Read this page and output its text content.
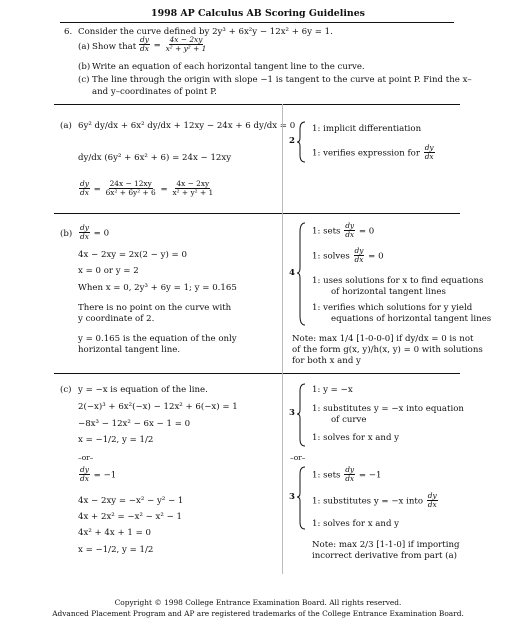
1998 AP Calculus AB Scoring Guidelines
6. Consider the curve defined by 2y³ + 6x²y − 12x² + 6y = 1.
(a) Show that $\frac{dy}{dx} = \frac{4x - 2xy}{\text{x² + y² + 1}}$
(b) Write an equation of each horizontal tangent line to the curve.
(c) The line through the origin with slope −1 is tangent to the curve at point P. Find the x–
and y–coordinates of point P.
(a) 6y² dy/dx + 6x² dy/dx + 12xy − 24x + 6 dy/dx = 0
dy/dx (6y² + 6x² + 6) = 24x − 12xy
$\frac{dy}{dx} = \frac{24x - 12xy}{\text{6x² + 6y² + 6}} = \frac{4x - 2xy}{\text{x² + y² + 1}}$
2
1: implicit differentiation
1: verifies expression for $\frac{dy}{dx}$
$(b) \frac{dy}{dx} = 0$
4x − 2xy = 2x(2 − y) = 0
x = 0 or y = 2
When x = 0, 2y³ + 6y = 1; y = 0.165
There is no point on the curve with
y coordinate of 2.
y = 0.165 is the equation of the only
horizontal tangent line.
4
1: sets $\frac{dy}{dx} = 0$
1: solves $\frac{dy}{dx} = 0$
1: uses solutions for x to find equations
of horizontal tangent lines
1: verifies which solutions for y yield
equations of horizontal tangent lines
Note: max 1/4 [1-0-0-0] if dy/dx = 0 is not
of the form g(x, y)/h(x, y) = 0 with solutions
for both x and y
(c) y = −x is equation of the line.
2(−x)³ + 6x²(−x) − 12x² + 6(−x) = 1
−8x³ − 12x² − 6x − 1 = 0
x = −1/2, y = 1/2
–or–
$\frac{dy}{dx} = -1$
4x − 2xy = −x² − y² − 1
4x + 2x² = −x² − x² − 1
4x² + 4x + 1 = 0
x = −1/2, y = 1/2
3
1: y = −x
1: substitutes y = −x into equation
of curve
1: solves for x and y
–or–
3
1: sets $\frac{dy}{dx} = -1$
1: substitutes y = −x into $\frac{dy}{dx}$
1: solves for x and y
Note: max 2/3 [1-1-0] if importing
incorrect derivative from part (a)
Copyright © 1998 College Entrance Examination Board. All rights reserved.
Advanced Placement Program and AP are registered trademarks of the College Entrance Examination Board.
